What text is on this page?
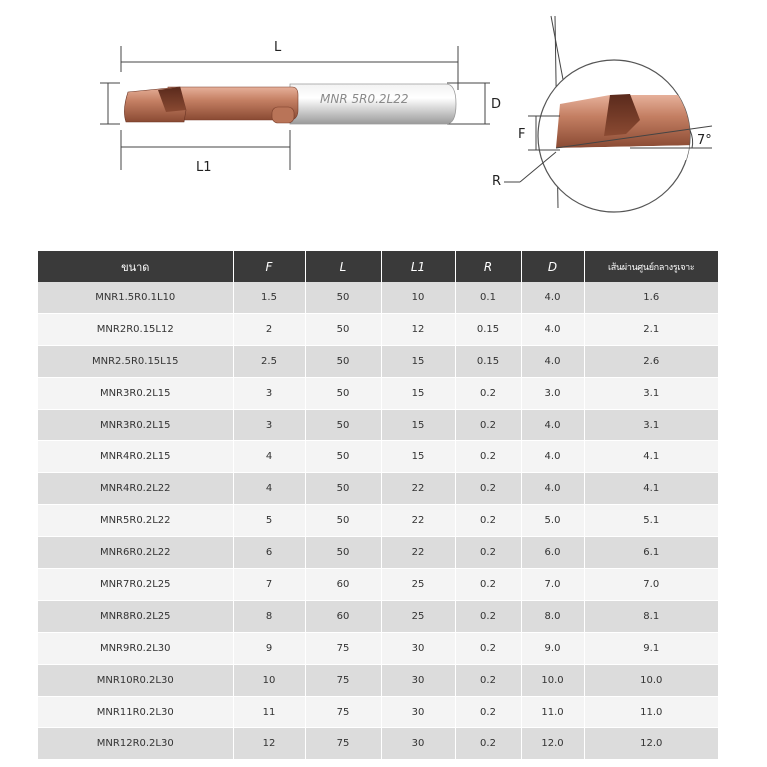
L
D
MNR 5R0.2L22
L1
F	7°
R
ขนาด	F	L	L1	R	D	เส้นผ่านศูนย์กลางรูเจาะ
MNR1.5R0.1L10	1.5	50	10	0.1	4.0	1.6
MNR2R0.15L12	2	50	12	0.15	4.0	2.1
MNR2.5R0.15L15	2.5	50	15	0.15	4.0	2.6
MNR3R0.2L15	3	50	15	0.2	3.0	3.1
MNR3R0.2L15	3	50	15	0.2	4.0	3.1
MNR4R0.2L15	4	50	15	0.2	4.0	4.1
MNR4R0.2L22	4	50	22	0.2	4.0	4.1
MNR5R0.2L22	5	50	22	0.2	5.0	5.1
MNR6R0.2L22	6	50	22	0.2	6.0	6.1
MNR7R0.2L25	7	60	25	0.2	7.0	7.0
MNR8R0.2L25	8	60	25	0.2	8.0	8.1
MNR9R0.2L30	9	75	30	0.2	9.0	9.1
MNR10R0.2L30	10	75	30	0.2	10.0	10.0
MNR11R0.2L30	11	75	30	0.2	11.0	11.0
MNR12R0.2L30	12	75	30	0.2	12.0	12.0
